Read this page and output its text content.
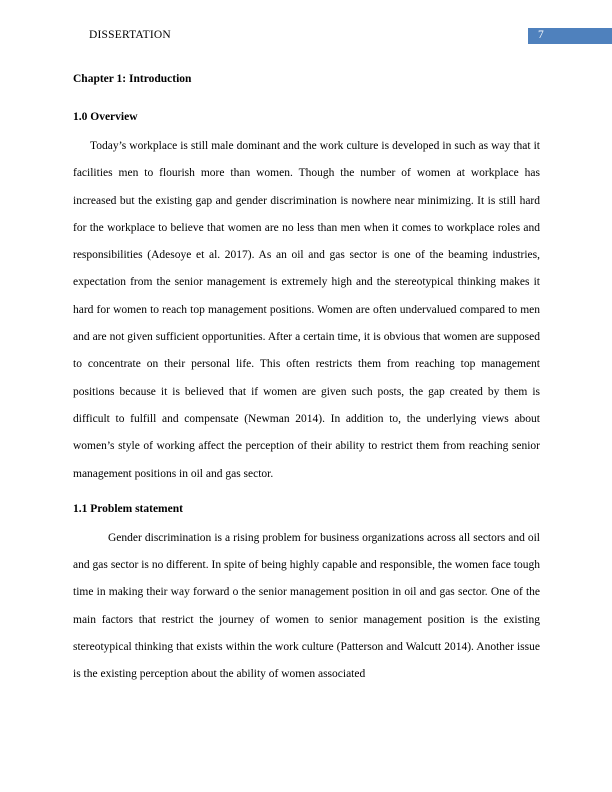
DISSERTATION	7
Chapter 1: Introduction
1.0 Overview

Today’s workplace is still male dominant and the work culture is developed in such as way that it facilities men to flourish more than women. Though the number of women at workplace has increased but the existing gap and gender discrimination is nowhere near minimizing. It is still hard for the workplace to believe that women are no less than men when it comes to workplace roles and responsibilities (Adesoye et al. 2017). As an oil and gas sector is one of the beaming industries, expectation from the senior management is extremely high and the stereotypical thinking makes it hard for women to reach top management positions. Women are often undervalued compared to men and are not given sufficient opportunities. After a certain time, it is obvious that women are supposed to concentrate on their personal life. This often restricts them from reaching top management positions because it is believed that if women are given such posts, the gap created by them is difficult to fulfill and compensate (Newman 2014). In addition to, the underlying views about women’s style of working affect the perception of their ability to restrict them from reaching senior management positions in oil and gas sector.

1.1 Problem statement

Gender discrimination is a rising problem for business organizations across all sectors and oil and gas sector is no different. In spite of being highly capable and responsible, the women face tough time in making their way forward o the senior management position in oil and gas sector. One of the main factors that restrict the journey of women to senior management position is the existing stereotypical thinking that exists within the work culture (Patterson and Walcutt 2014). Another issue is the existing perception about the ability of women associated
